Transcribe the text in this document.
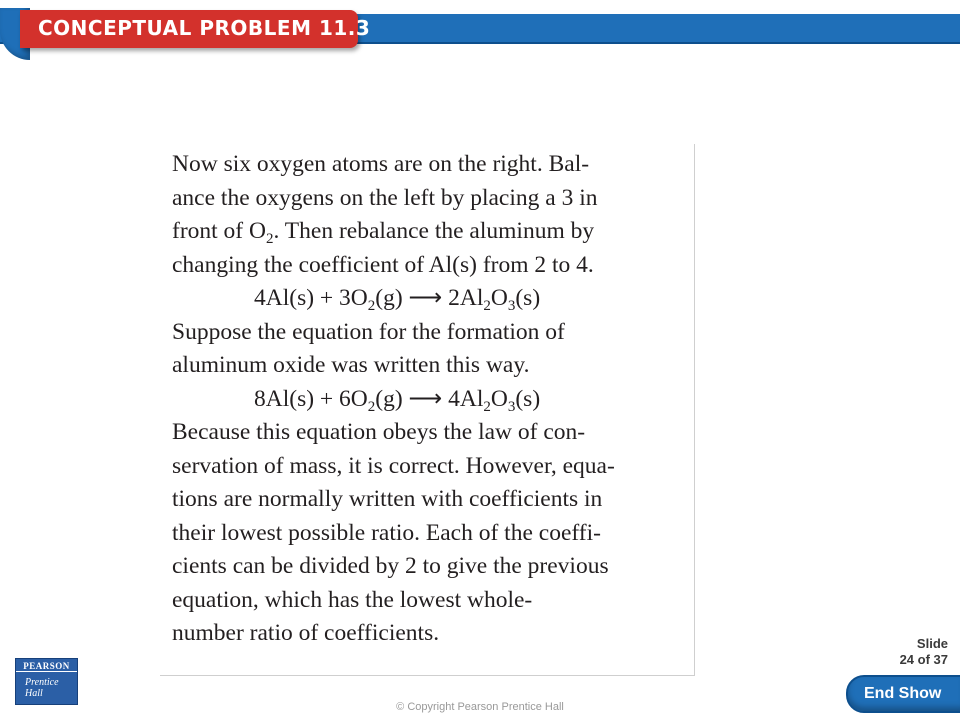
CONCEPTUAL PROBLEM 11.3
Now six oxygen atoms are on the right. Bal-
ance the oxygens on the left by placing a 3 in
front of $O_2$. Then rebalance the aluminum by
changing the coefficient of Al(s) from 2 to 4.
$4Al(s) + 3O_2(g)$ ⟶ $2Al_2O_3(s)$
Suppose the equation for the formation of
aluminum oxide was written this way.
$8Al(s) + 6O_2(g)$ ⟶ $4Al_2O_3(s)$
Because this equation obeys the law of con-
servation of mass, it is correct. However, equa-
tions are normally written with coefficients in
their lowest possible ratio. Each of the coeffi-
cients can be divided by 2 to give the previous
equation, which has the lowest whole-
number ratio of coefficients.
PEARSON
Prentice
Hall
© Copyright Pearson Prentice Hall
Slide
24 of 37
End Show
